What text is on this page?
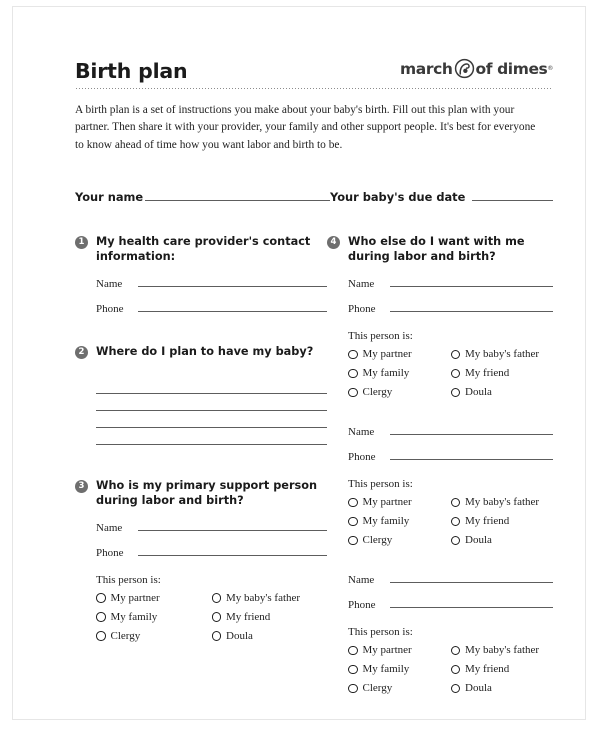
Birth plan	march of dimes ®
A birth plan is a set of instructions you make about your baby's birth. Fill out this plan with your partner. Then share it with your provider, your family and other support people. It's best for everyone to know ahead of time how you want labor and birth to be.
Your name	Your baby's due date
1	My health care provider's contact information:
Name
Phone
2	Where do I plan to have my baby?
3	Who is my primary support person during labor and birth?
Name
Phone
This person is:
My partner	My baby's father
My family	My friend
Clergy	Doula
4	Who else do I want with me during labor and birth?
Name
Phone
This person is:
My partner	My baby's father
My family	My friend
Clergy	Doula
Name
Phone
This person is:
My partner	My baby's father
My family	My friend
Clergy	Doula
Name
Phone
This person is:
My partner	My baby's father
My family	My friend
Clergy	Doula
